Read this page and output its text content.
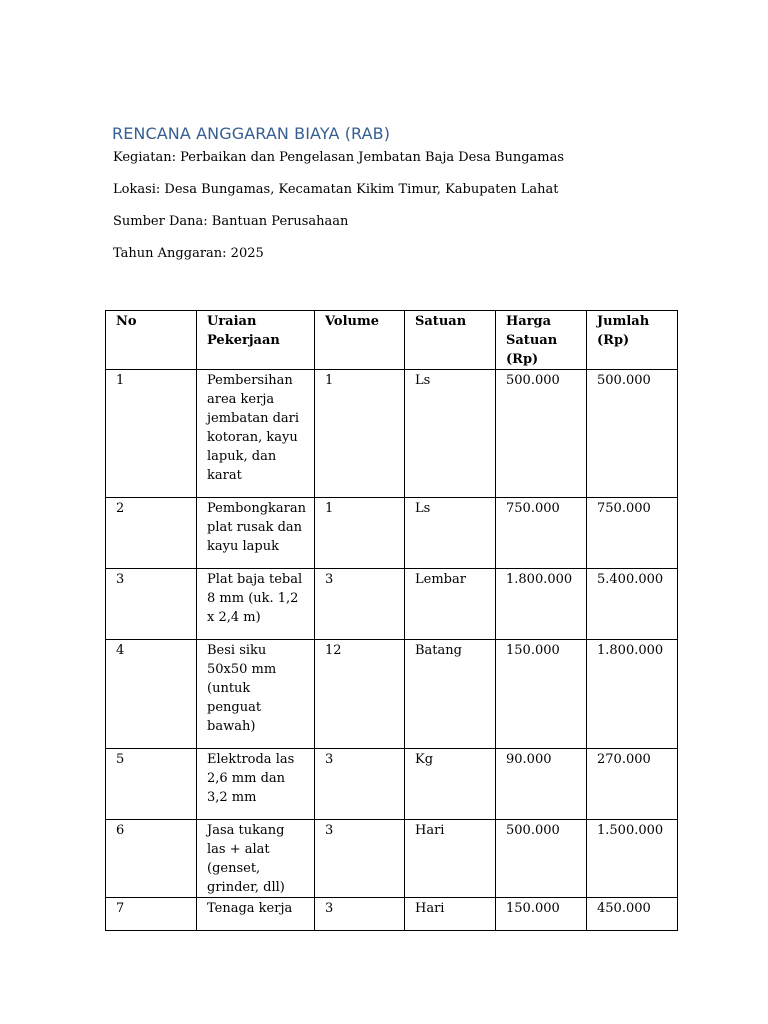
RENCANA ANGGARAN BIAYA (RAB)

Kegiatan: Perbaikan dan Pengelasan Jembatan Baja Desa Bungamas

Lokasi: Desa Bungamas, Kecamatan Kikim Timur, Kabupaten Lahat

Sumber Dana: Bantuan Perusahaan

Tahun Anggaran: 2025

No	Uraian Pekerjaan	Volume	Satuan	Harga Satuan (Rp)	Jumlah (Rp)
1	Pembersihan area kerja jembatan dari kotoran, kayu lapuk, dan karat	1	Ls	500.000	500.000
2	Pembongkaran plat rusak dan kayu lapuk	1	Ls	750.000	750.000
3	Plat baja tebal 8 mm (uk. 1,2 x 2,4 m)	3	Lembar	1.800.000	5.400.000
4	Besi siku 50x50 mm (untuk penguat bawah)	12	Batang	150.000	1.800.000
5	Elektroda las 2,6 mm dan 3,2 mm	3	Kg	90.000	270.000
6	Jasa tukang las + alat (genset, grinder, dll)	3	Hari	500.000	1.500.000
7	Tenaga kerja	3	Hari	150.000	450.000
